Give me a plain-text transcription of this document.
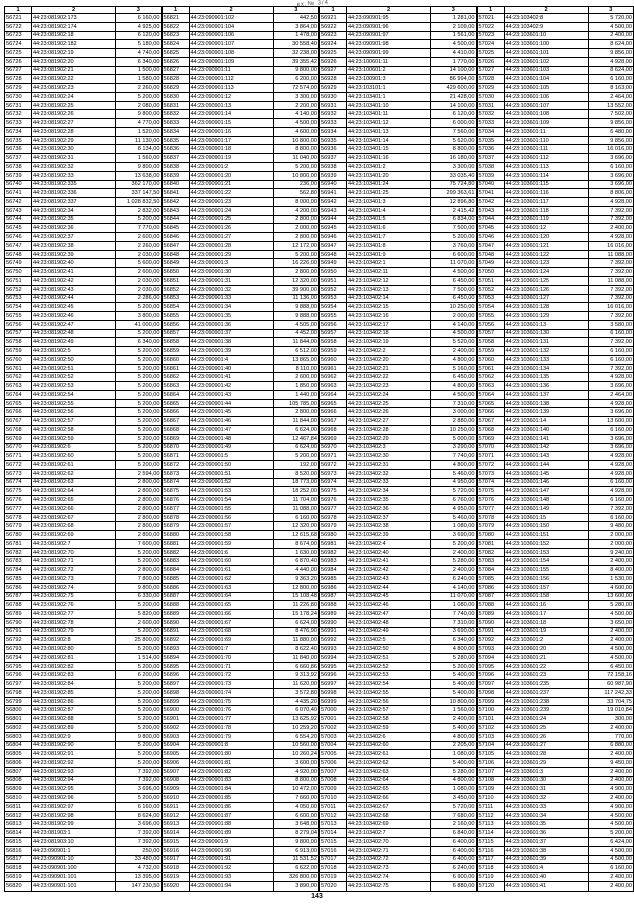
вх.№ 3/4
1	2	3
56721	44:23:081902:173	6 160,00
56722	44:23:081902:174	4 925,00
56723	44:23:081902:18	6 120,00
56724	44:23:081902:182	5 180,00
56725	44:23:081902:19	4 740,00
56726	44:23:081902:20	6 340,00
56727	44:23:081902:21	1 500,00
56728	44:23:081902:22	1 580,00
56729	44:23:081902:23	2 260,00
56730	44:23:081902:24	5 200,00
56731	44:23:081902:25	2 080,00
56732	44:23:081902:26	9 800,00
56733	44:23:081902:27	4 770,00
56734	44:23:081902:28	1 520,00
56735	44:23:081902:29	11 130,00
56736	44:23:081902:30	8 134,00
56737	44:23:081902:31	1 560,00
56738	44:23:081902:32	9 800,00
56739	44:23:081902:33	13 638,00
56740	44:23:081902:335	362 170,00
56741	44:23:081902:336	337 147,50
56742	44:23:081902:337	1 028 832,50
56743	44:23:081902:34	2 832,00
56744	44:23:081902:35	5 200,00
56745	44:23:081902:36	7 770,00
56746	44:23:081902:37	2 600,00
56747	44:23:081902:38	2 260,00
56748	44:23:081902:39	2 030,00
56749	44:23:081902:40	5 600,00
56750	44:23:081902:41	2 600,00
56751	44:23:081902:42	2 030,00
56752	44:23:081902:43	2 030,00
56753	44:23:081902:44	2 286,00
56754	44:23:081902:45	5 200,00
56755	44:23:081902:46	3 800,00
56756	44:23:081902:47	41 000,00
56757	44:23:081902:48	5 200,00
56758	44:23:081902:49	6 340,00
56759	44:23:081902:5	5 200,00
56760	44:23:081902:50	5 200,00
56761	44:23:081902:51	5 200,00
56762	44:23:081902:52	5 200,00
56763	44:23:081902:53	5 200,00
56764	44:23:081902:54	5 200,00
56765	44:23:081902:55	5 200,00
56766	44:23:081902:56	5 200,00
56767	44:23:081902:57	5 200,00
56768	44:23:081902:58	5 200,00
56769	44:23:081902:59	5 200,00
56770	44:23:081902:6	5 200,00
56771	44:23:081902:60	5 200,00
56772	44:23:081902:61	5 200,00
56773	44:23:081902:62	2 594,00
56774	44:23:081902:63	2 800,00
56775	44:23:081902:64	2 800,00
56776	44:23:081902:65	2 800,00
56777	44:23:081902:66	2 800,00
56778	44:23:081902:67	2 800,00
56779	44:23:081902:68	2 800,00
56780	44:23:081902:69	2 800,00
56781	44:23:081902:7	7 600,00
56782	44:23:081902:70	5 200,00
56783	44:23:081902:71	5 200,00
56784	44:23:081902:72	2 800,00
56785	44:23:081902:73	7 800,00
56786	44:23:081902:74	9 800,00
56787	44:23:081902:75	6 330,00
56788	44:23:081902:76	5 200,00
56789	44:23:081902:77	5 820,00
56790	44:23:081902:78	2 600,00
56791	44:23:081902:79	5 200,00
56792	44:23:081902:8	25 800,00
56793	44:23:081902:80	5 200,00
56794	44:23:081902:81	1 514,00
56795	44:23:081902:82	5 200,00
56796	44:23:081902:83	6 200,00
56797	44:23:081902:84	5 200,00
56798	44:23:081902:85	5 200,00
56799	44:23:081902:86	5 200,00
56800	44:23:081902:87	5 200,00
56801	44:23:081902:88	5 200,00
56802	44:23:081902:89	5 200,00
56803	44:23:081902:9	9 800,00
56804	44:23:081902:90	5 200,00
56805	44:23:081902:91	5 200,00
56806	44:23:081902:92	5 200,00
56807	44:23:081902:93	7 392,00
56808	44:23:081902:94	7 392,00
56809	44:23:081902:95	3 696,00
56810	44:23:081902:96	5 200,00
56811	44:23:081902:97	6 160,00
56812	44:23:081902:98	8 624,00
56813	44:23:081902:99	3 696,00
56814	44:23:081903:1	7 392,00
56815	44:23:081903:10	7 392,00
56816	44:23:090901:1	250,00
56817	44:23:090901:10	33 480,00
56818	44:23:090901:100	4 732,00
56819	44:23:090901:101	13 395,00
56820	44:23:090901:101	147 230,50
1	2	3
56821	44:23:090901:102	442,50
56822	44:23:090901:104	3 864,00
56823	44:23:090901:106	1 478,00
56824	44:23:090901:107	30 558,40
56825	44:23:090901:108	32 238,00
56826	44:23:090901:109	39 355,42
56827	44:23:090901:11	9 800,00
56828	44:23:090901:112	6 200,00
56829	44:23:090901:113	72 574,00
56830	44:23:090901:12	3 300,00
56831	44:23:090901:13	2 200,00
56832	44:23:090901:14	4 140,00
56833	44:23:090901:15	4 500,00
56834	44:23:090901:16	4 600,00
56835	44:23:090901:17	10 800,00
56836	44:23:090901:18	8 800,00
56837	44:23:090901:19	11 040,00
56838	44:23:090901:2	5 200,00
56839	44:23:090901:20	10 800,00
56840	44:23:090901:21	236,00
56841	44:23:090901:22	562,80
56842	44:23:090901:23	8 000,00
56843	44:23:090901:24	4 200,00
56844	44:23:090901:25	2 800,00
56845	44:23:090901:26	2 000,00
56846	44:23:090901:27	2 800,00
56847	44:23:090901:28	12 172,00
56848	44:23:090901:29	5 200,00
56849	44:23:090901:3	16 226,00
56850	44:23:090901:30	2 800,00
56851	44:23:090901:31	12 320,00
56852	44:23:090901:32	39 900,00
56853	44:23:090901:33	11 136,00
56854	44:23:090901:34	9 888,00
56855	44:23:090901:35	9 888,00
56856	44:23:090901:36	4 505,00
56857	44:23:090901:37	4 452,00
56858	44:23:090901:38	11 844,00
56859	44:23:090901:39	6 512,00
56860	44:23:090901:4	13 865,00
56861	44:23:090901:40	8 110,00
56862	44:23:090901:41	2 600,00
56863	44:23:090901:42	1 850,00
56864	44:23:090901:43	1 440,00
56865	44:23:090901:44	105 785,00
56866	44:23:090901:45	2 800,00
56867	44:23:090901:46	11 844,00
56868	44:23:090901:47	6 624,00
56869	44:23:090901:48	12 467,84
56870	44:23:090901:49	6 624,00
56871	44:23:090901:5	5 200,00
56872	44:23:090901:50	192,00
56873	44:23:090901:51	8 520,00
56874	44:23:090901:52	18 773,00
56875	44:23:090901:53	18 252,00
56876	44:23:090901:54	11 704,00
56877	44:23:090901:55	11 088,00
56878	44:23:090901:56	6 160,00
56879	44:23:090901:57	12 320,00
56880	44:23:090901:58	12 615,68
56881	44:23:090901:59	8 674,00
56882	44:23:090901:6	1 630,00
56883	44:23:090901:60	6 870,40
56884	44:23:090901:61	4 440,00
56885	44:23:090901:62	9 363,20
56886	44:23:090901:63	12 800,00
56887	44:23:090901:64	15 108,48
56888	44:23:090901:65	11 226,80
56889	44:23:090901:66	15 178,24
56890	44:23:090901:67	6 624,00
56891	44:23:090901:68	8 476,90
56892	44:23:090901:69	11 880,00
56893	44:23:090901:7	8 622,40
56894	44:23:090901:70	11 840,00
56895	44:23:090901:71	6 660,86
56896	44:23:090901:72	9 313,92
56897	44:23:090901:73	11 620,00
56898	44:23:090901:74	3 572,80
56899	44:23:090901:75	4 435,20
56900	44:23:090901:76	6 070,40
56901	44:23:090901:77	13 625,92
56902	44:23:090901:78	10 259,20
56903	44:23:090901:79	6 554,20
56904	44:23:090901:8	10 560,00
56905	44:23:090901:80	10 260,24
56906	44:23:090901:81	3 600,00
56907	44:23:090901:82	4 920,00
56908	44:23:090901:83	8 800,00
56909	44:23:090901:84	10 472,00
56910	44:23:090901:85	7 660,00
56911	44:23:090901:86	4 050,00
56912	44:23:090901:87	6 600,00
56913	44:23:090901:88	3 648,00
56914	44:23:090901:89	8 279,04
56915	44:23:090901:9	9 800,00
56916	44:23:090901:90	6 913,00
56917	44:23:090901:91	11 531,52
56918	44:23:090901:92	6 622,00
56919	44:23:090901:93	326 800,00
56920	44:23:090901:94	3 890,00
1	2	3
56921	44:23:090901:95	1 281,00
56922	44:23:090901:96	2 109,00
56923	44:23:090901:97	1 561,00
56924	44:23:090901:98	4 500,00
56925	44:23:090901:99	4 410,00
56926	44:23:100601:11	1 770,00
56927	44:23:100601:2	14 100,00
56928	44:23:100901:3	86 994,00
56929	44:23:103101:1	429 600,00
56930	44:23:103401:1	21 428,00
56931	44:23:103401:10	14 100,00
56932	44:23:103401:11	6 120,00
56933	44:23:103401:12	6 000,00
56934	44:23:103401:13	7 560,00
56935	44:23:103401:14	5 620,00
56936	44:23:103401:15	8 800,00
56937	44:23:103401:16	16 180,00
56938	44:23:103401:2	3 300,00
56939	44:23:103401:20	33 035,40
56940	44:23:103401:24	75 724,80
56941	44:23:103401:25	299 363,61
56942	44:23:103401:3	12 896,80
56943	44:23:103401:4	2 415,42
56944	44:23:103401:5	6 834,00
56945	44:23:103401:6	7 500,00
56946	44:23:103401:7	5 200,00
56947	44:23:103401:8	3 760,00
56948	44:23:103401:9	6 600,00
56949	44:23:103402:1	11 070,00
56950	44:23:103402:11	4 500,00
56951	44:23:103402:12	6 450,00
56952	44:23:103402:13	7 500,00
56953	44:23:103402:14	6 450,00
56954	44:23:103402:15	10 250,00
56955	44:23:103402:16	2 000,00
56956	44:23:103402:17	4 140,00
56957	44:23:103402:18	4 500,00
56958	44:23:103402:19	5 520,00
56959	44:23:103402:2	2 400,00
56960	44:23:103402:20	4 800,00
56961	44:23:103402:21	5 160,00
56962	44:23:103402:22	6 450,00
56963	44:23:103402:23	4 800,00
56964	44:23:103402:24	4 500,00
56965	44:23:103402:25	7 310,00
56966	44:23:103402:26	3 000,00
56967	44:23:103402:27	2 880,00
56968	44:23:103402:28	10 250,00
56969	44:23:103402:29	5 000,00
56970	44:23:103402:3	3 290,00
56971	44:23:103402:30	7 740,00
56972	44:23:103402:31	4 800,00
56973	44:23:103402:32	5 460,00
56974	44:23:103402:33	4 950,00
56975	44:23:103402:34	5 720,00
56976	44:23:103402:35	6 760,00
56977	44:23:103402:36	4 950,00
56978	44:23:103402:37	5 460,00
56979	44:23:103402:38	1 080,00
56980	44:23:103402:39	3 690,00
56981	44:23:103402:4	5 200,00
56982	44:23:103402:40	2 400,00
56983	44:23:103402:41	5 280,00
56984	44:23:103402:42	2 400,00
56985	44:23:103402:43	6 240,00
56986	44:23:103402:44	4 140,00
56987	44:23:103402:45	11 070,00
56988	44:23:103402:46	1 080,00
56989	44:23:103402:47	7 740,00
56990	44:23:103402:48	7 310,00
56991	44:23:103402:49	3 690,00
56992	44:23:103402:5	6 340,00
56993	44:23:103402:50	4 800,00
56994	44:23:103402:51	5 280,00
56995	44:23:103402:52	5 200,00
56996	44:23:103402:53	5 400,00
56997	44:23:103402:54	5 400,00
56998	44:23:103402:55	5 400,00
56999	44:23:103402:56	10 800,00
57000	44:23:103402:57	1 560,00
57001	44:23:103402:58	2 400,00
57002	44:23:103402:59	5 400,00
57003	44:23:103402:6	4 800,00
57004	44:23:103402:60	2 205,00
57005	44:23:103402:61	1 080,00
57006	44:23:103402:62	5 400,00
57007	44:23:103402:63	5 280,00
57008	44:23:103402:64	4 800,00
57009	44:23:103402:65	1 080,00
57010	44:23:103402:66	3 450,00
57011	44:23:103402:67	5 720,00
57012	44:23:103402:68	7 680,00
57013	44:23:103402:69	2 160,00
57014	44:23:103402:7	6 840,00
57015	44:23:103402:70	6 400,00
57016	44:23:103402:71	6 400,00
57017	44:23:103402:72	6 400,00
57018	44:23:103402:73	6 240,00
57019	44:23:103402:74	6 900,00
57020	44:23:103402:75	6 880,00
1	2	3
57021	44:23:103402:8	5 720,00
57022	44:23:103402:9	4 500,00
57023	44:23:103601:10	2 400,00
57024	44:23:103601:100	8 624,00
57025	44:23:103601:101	9 856,00
57026	44:23:103601:102	4 928,00
57027	44:23:103601:103	8 624,00
57028	44:23:103601:104	6 160,00
57029	44:23:103601:105	8 163,00
57030	44:23:103601:106	2 464,00
57031	44:23:103601:107	13 552,00
57032	44:23:103601:108	7 502,00
57033	44:23:103601:109	9 856,00
57034	44:23:103601:11	6 480,00
57035	44:23:103601:110	9 856,00
57036	44:23:103601:111	16 016,00
57037	44:23:103601:112	3 696,00
57038	44:23:103601:113	6 160,00
57039	44:23:103601:114	3 696,00
57040	44:23:103601:115	3 696,00
57041	44:23:103601:116	8 806,00
57042	44:23:103601:117	4 928,00
57043	44:23:103601:118	7 392,00
57044	44:23:103601:119	7 392,00
57045	44:23:103601:12	2 400,00
57046	44:23:103601:120	4 928,00
57047	44:23:103601:121	16 016,00
57048	44:23:103601:122	11 088,00
57049	44:23:103601:123	7 392,00
57050	44:23:103601:124	7 392,00
57051	44:23:103601:125	11 088,00
57052	44:23:103601:126	7 392,00
57053	44:23:103601:127	7 392,00
57054	44:23:103601:128	16 016,00
57055	44:23:103601:129	7 392,00
57056	44:23:103601:13	3 580,00
57057	44:23:103601:130	6 160,00
57058	44:23:103601:131	7 392,00
57059	44:23:103601:132	6 160,00
57060	44:23:103601:133	6 160,00
57061	44:23:103601:134	7 392,00
57062	44:23:103601:135	4 928,00
57063	44:23:103601:136	3 696,00
57064	44:23:103601:137	2 464,00
57065	44:23:103601:138	4 928,00
57066	44:23:103601:139	3 696,00
57067	44:23:103601:14	13 600,00
57068	44:23:103601:140	6 160,00
57069	44:23:103601:141	3 696,00
57070	44:23:103601:142	3 696,00
57071	44:23:103601:143	4 928,00
57072	44:23:103601:144	4 928,00
57073	44:23:103601:145	4 928,00
57074	44:23:103601:146	6 160,00
57075	44:23:103601:147	4 928,00
57076	44:23:103601:148	6 160,00
57077	44:23:103601:149	7 392,00
57078	44:23:103601:15	6 160,00
57079	44:23:103601:150	9 480,00
57080	44:23:103601:151	2 000,00
57081	44:23:103601:152	2 000,00
57082	44:23:103601:153	9 240,00
57083	44:23:103601:154	2 400,00
57084	44:23:103601:155	8 400,00
57085	44:23:103601:156	1 530,00
57086	44:23:103601:157	4 600,00
57087	44:23:103601:158	13 600,00
57088	44:23:103601:16	5 280,00
57089	44:23:103601:17	4 500,00
57090	44:23:103601:18	3 650,00
57091	44:23:103601:19	2 400,00
57092	44:23:103601:2	2 400,00
57093	44:23:103601:20	4 500,00
57094	44:23:103601:21	4 500,00
57095	44:23:103601:22	6 450,00
57096	44:23:103601:23	72 158,16
57097	44:23:103601:235	60 987,90
57098	44:23:103601:237	117 242,33
57099	44:23:103601:238	33 704,75
57100	44:23:103601:239	19 010,84
57101	44:23:103601:24	300,00
57102	44:23:103601:25	2 400,00
57103	44:23:103601:26	770,00
57104	44:23:103601:27	6 880,00
57105	44:23:103601:28	2 400,00
57106	44:23:103601:29	9 450,00
57107	44:23:103601:3	2 400,00
57108	44:23:103601:30	2 400,00
57109	44:23:103601:31	4 900,00
57110	44:23:103601:32	2 400,00
57111	44:23:103601:33	4 900,00
57112	44:23:103601:34	4 500,00
57113	44:23:103601:35	4 500,00
57114	44:23:103601:36	5 200,00
57115	44:23:103601:37	6 424,00
57116	44:23:103601:38	4 500,00
57117	44:23:103601:39	4 500,00
57118	44:23:103601:4	6 160,00
57119	44:23:103601:40	2 400,00
57120	44:23:103601:41	2 400,00
143
